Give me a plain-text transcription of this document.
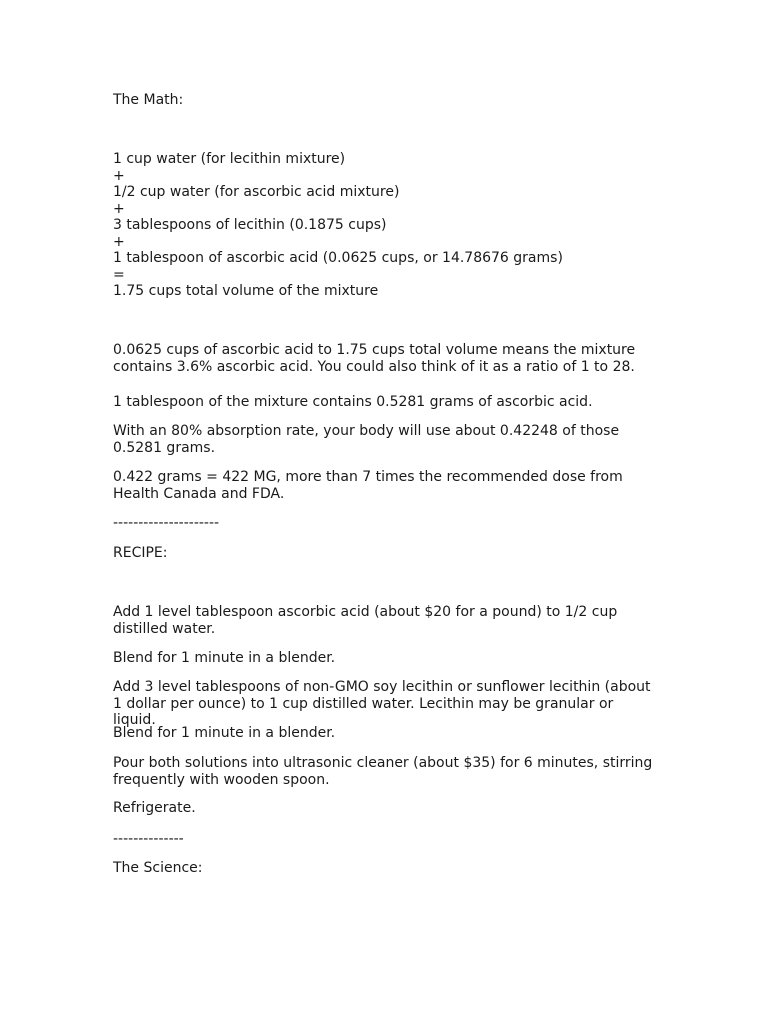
The Math:

1 cup water (for lecithin mixture)

+

1/2 cup water (for ascorbic acid mixture)

+

3 tablespoons of lecithin (0.1875 cups)

+

1 tablespoon of ascorbic acid (0.0625 cups, or 14.78676 grams)

=

1.75 cups total volume of the mixture

0.0625 cups of ascorbic acid to 1.75 cups total volume means the mixture contains 3.6% ascorbic acid. You could also think of it as a ratio of 1 to 28.

1 tablespoon of the mixture contains 0.5281 grams of ascorbic acid.

With an 80% absorption rate, your body will use about 0.42248 of those 0.5281 grams.

0.422 grams = 422 MG, more than 7 times the recommended dose from Health Canada and FDA.

---------------------

RECIPE:

Add 1 level tablespoon ascorbic acid (about $20 for a pound) to 1/2 cup distilled water.

Blend for 1 minute in a blender.

Add 3 level tablespoons of non-GMO soy lecithin or sunflower lecithin (about 1 dollar per ounce) to 1 cup distilled water. Lecithin may be granular or liquid.

Blend for 1 minute in a blender.

Pour both solutions into ultrasonic cleaner (about $35) for 6 minutes, stirring frequently with wooden spoon.

Refrigerate.

--------------

The Science:
